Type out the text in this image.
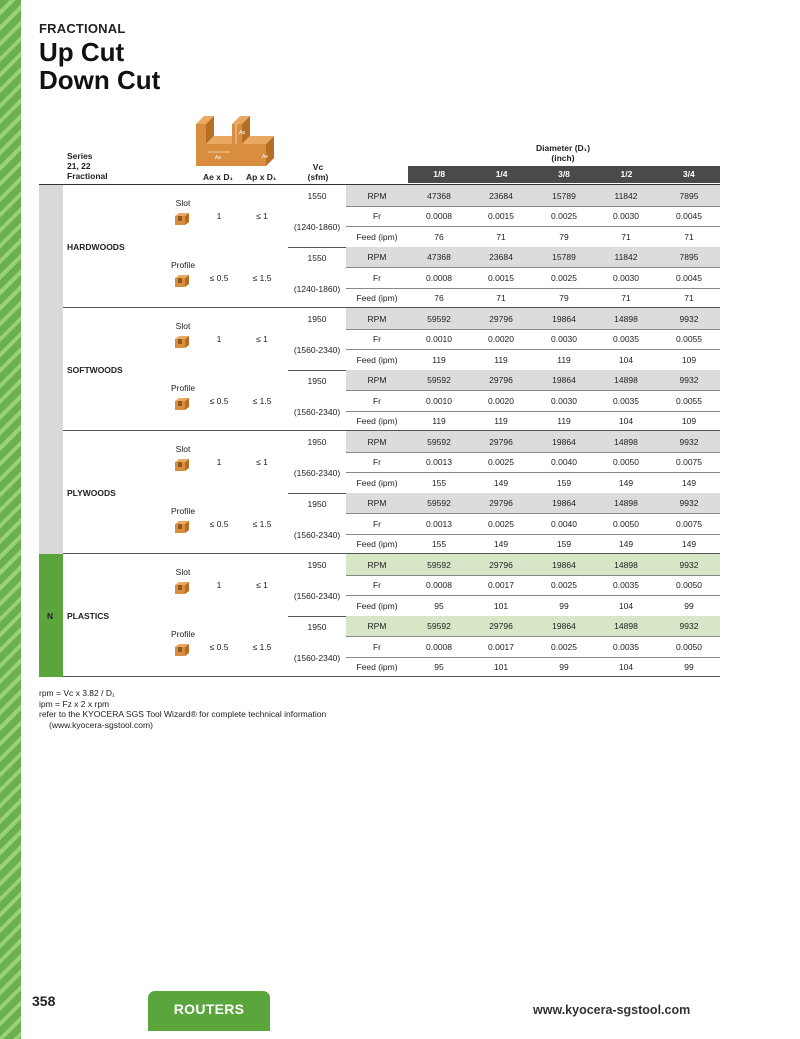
FRACTIONAL
Up Cut
Down Cut
Ap
Ae	Ae
Series
21, 22
Fractional	Ae x D₁ Ap x D₁
Vc
(sfm)
Diameter (D₁)
(inch)
1/8	1/4	3/8	1/2	3/4
HARDWOODS
Slot
1	≤ 1
1550
(1240-1860)
RPM	47368	23684	15789	11842	7895
Fr	0.0008	0.0015	0.0025	0.0030	0.0045
Feed (ipm)	76	71	79	71	71
Profile
≤ 0.5	≤ 1.5
1550
(1240-1860)
RPM	47368	23684	15789	11842	7895
Fr	0.0008	0.0015	0.0025	0.0030	0.0045
Feed (ipm)	76	71	79	71	71
SOFTWOODS
Slot
1	≤ 1
1950
(1560-2340)
RPM	59592	29796	19864	14898	9932
Fr	0.0010	0.0020	0.0030	0.0035	0.0055
Feed (ipm)	119	119	119	104	109
Profile
≤ 0.5	≤ 1.5
1950
(1560-2340)
RPM	59592	29796	19864	14898	9932
Fr	0.0010	0.0020	0.0030	0.0035	0.0055
Feed (ipm)	119	119	119	104	109
PLYWOODS
Slot
1	≤ 1
1950
(1560-2340)
RPM	59592	29796	19864	14898	9932
Fr	0.0013	0.0025	0.0040	0.0050	0.0075
Feed (ipm)	155	149	159	149	149
Profile
≤ 0.5	≤ 1.5
1950
(1560-2340)
RPM	59592	29796	19864	14898	9932
Fr	0.0013	0.0025	0.0040	0.0050	0.0075
Feed (ipm)	155	149	159	149	149
N PLASTICS
Slot
1	≤ 1
1950
(1560-2340)
RPM	59592	29796	19864	14898	9932
Fr	0.0008	0.0017	0.0025	0.0035	0.0050
Feed (ipm)	95	101	99	104	99
Profile
≤ 0.5	≤ 1.5
1950
(1560-2340)
RPM	59592	29796	19864	14898	9932
Fr	0.0008	0.0017	0.0025	0.0035	0.0050
Feed (ipm)	95	101	99	104	99
rpm = Vc x 3.82 / D₁
ipm = Fz x 2 x rpm
refer to the KYOCERA SGS Tool Wizard® for complete technical information
(www.kyocera-sgstool.com)
358	ROUTERS	www.kyocera-sgstool.com
